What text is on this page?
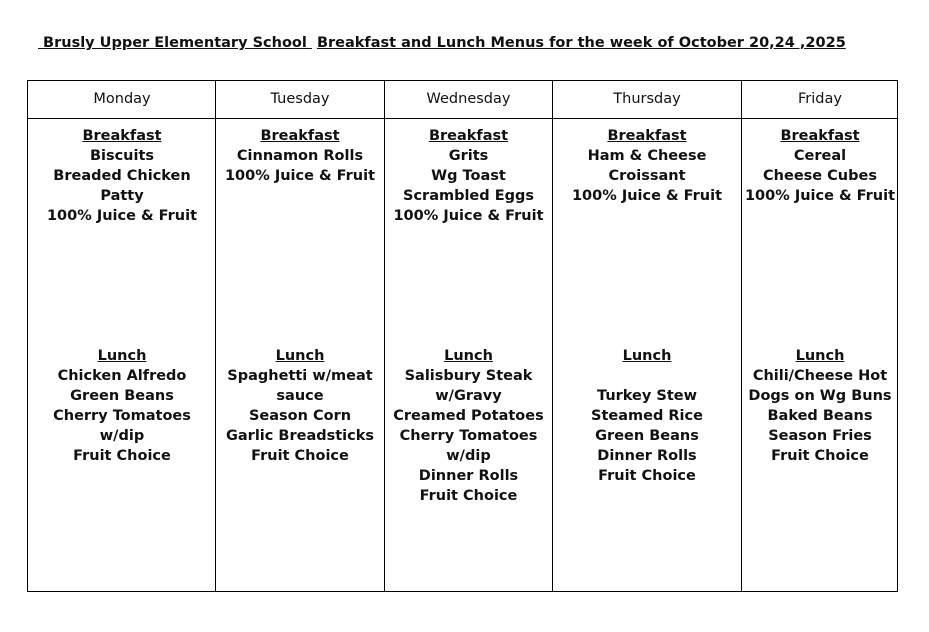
Brusly Upper Elementary School  Breakfast and Lunch Menus for the week of October 20,24 ,2025
Monday
Breakfast
Biscuits
Breaded Chicken
Patty
100% Juice & Fruit
Lunch
Chicken Alfredo
Green Beans
Cherry Tomatoes
w/dip
Fruit Choice
Tuesday
Breakfast
Cinnamon Rolls
100% Juice & Fruit
Lunch
Spaghetti w/meat
sauce
Season Corn
Garlic Breadsticks
Fruit Choice
Wednesday
Breakfast
Grits
Wg Toast
Scrambled Eggs
100% Juice & Fruit
Lunch
Salisbury Steak
w/Gravy
Creamed Potatoes
Cherry Tomatoes
w/dip
Dinner Rolls
Fruit Choice
Thursday
Breakfast
Ham & Cheese
Croissant
100% Juice & Fruit
Lunch
Turkey Stew
Steamed Rice
Green Beans
Dinner Rolls
Fruit Choice
Friday
Breakfast
Cereal
Cheese Cubes
100% Juice & Fruit
Lunch
Chili/Cheese Hot
Dogs on Wg Buns
Baked Beans
Season Fries
Fruit Choice
